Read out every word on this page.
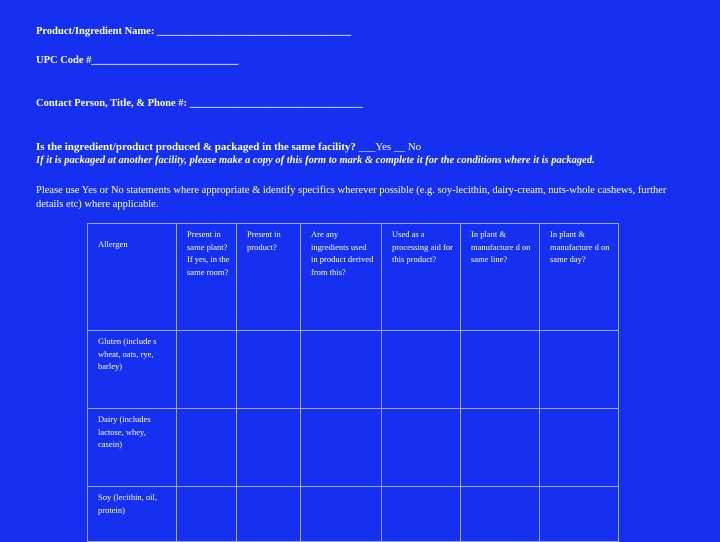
Product/Ingredient Name: _____________________________________
UPC Code #____________________________
Contact Person, Title, & Phone #: _________________________________
Is the ingredient/product produced & packaged in the same facility? ___Yes __ No
If it is packaged at another facility, please make a copy of this form to mark & complete it for the conditions where it is packaged.

Please use Yes or No statements where appropriate & identify specifics wherever possible (e.g. soy-lecithin, dairy-cream, nuts-whole cashews, further details etc) where applicable.

Allergen	Present in same plant? If yes, in the same room?	Present in product?	Are any ingredients used in product derived from this?	Used as a processing aid for this product?	In plant & manufacture d on same line?	In plant & manufacture d on same day?
Gluten (include s wheat, oats, rye, barley)						
Dairy (includes lactose, whey, casein)						
Soy (lecithin, oil, protein)						
